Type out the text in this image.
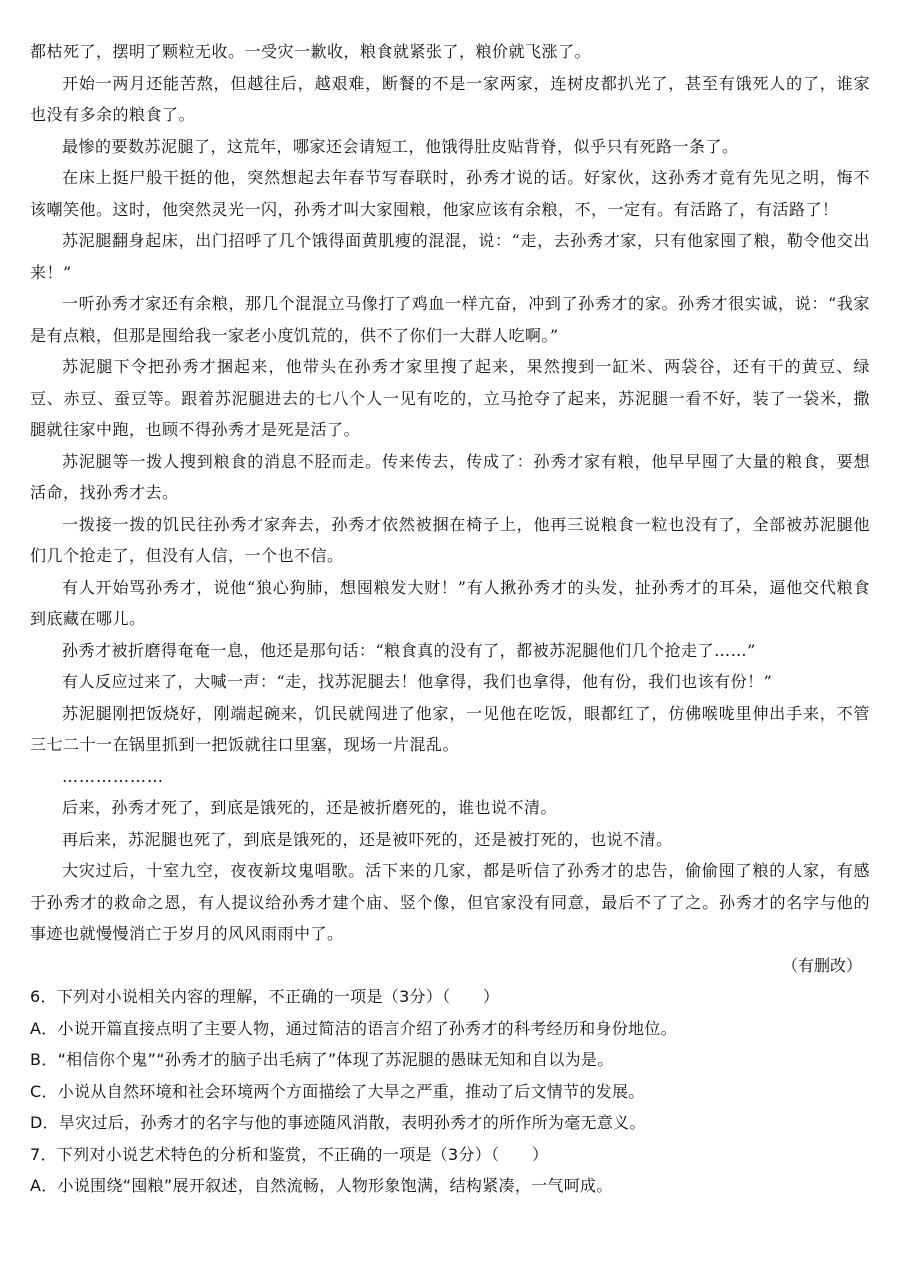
都枯死了，摆明了颗粒无收。一受灾一歉收，粮食就紧张了，粮价就飞涨了。

开始一两月还能苦熬，但越往后，越艰难，断餐的不是一家两家，连树皮都扒光了，甚至有饿死人的了，谁家也没有多余的粮食了。

最惨的要数苏泥腿了，这荒年，哪家还会请短工，他饿得肚皮贴背脊，似乎只有死路一条了。

在床上挺尸般干挺的他，突然想起去年春节写春联时，孙秀才说的话。好家伙，这孙秀才竟有先见之明，悔不该嘲笑他。这时，他突然灵光一闪，孙秀才叫大家囤粮，他家应该有余粮，不，一定有。有活路了，有活路了！

苏泥腿翻身起床，出门招呼了几个饿得面黄肌瘦的混混，说：“走，去孙秀才家，只有他家囤了粮，勒令他交出来！”

一听孙秀才家还有余粮，那几个混混立马像打了鸡血一样亢奋，冲到了孙秀才的家。孙秀才很实诚，说：“我家是有点粮，但那是囤给我一家老小度饥荒的，供不了你们一大群人吃啊。”

苏泥腿下令把孙秀才捆起来，他带头在孙秀才家里搜了起来，果然搜到一缸米、两袋谷，还有干的黄豆、绿豆、赤豆、蚕豆等。跟着苏泥腿进去的七八个人一见有吃的，立马抢夺了起来，苏泥腿一看不好，装了一袋米，撒腿就往家中跑，也顾不得孙秀才是死是活了。

苏泥腿等一拨人搜到粮食的消息不胫而走。传来传去，传成了：孙秀才家有粮，他早早囤了大量的粮食，要想活命，找孙秀才去。

一拨接一拨的饥民往孙秀才家奔去，孙秀才依然被捆在椅子上，他再三说粮食一粒也没有了，全部被苏泥腿他们几个抢走了，但没有人信，一个也不信。

有人开始骂孙秀才，说他“狼心狗肺，想囤粮发大财！”有人揪孙秀才的头发，扯孙秀才的耳朵，逼他交代粮食到底藏在哪儿。

孙秀才被折磨得奄奄一息，他还是那句话：“粮食真的没有了，都被苏泥腿他们几个抢走了……”

有人反应过来了，大喊一声：“走，找苏泥腿去！他拿得，我们也拿得，他有份，我们也该有份！”

苏泥腿刚把饭烧好，刚端起碗来，饥民就闯进了他家，一见他在吃饭，眼都红了，仿佛喉咙里伸出手来，不管三七二十一在锅里抓到一把饭就往口里塞，现场一片混乱。

………………

后来，孙秀才死了，到底是饿死的，还是被折磨死的，谁也说不清。

再后来，苏泥腿也死了，到底是饿死的，还是被吓死的，还是被打死的，也说不清。

大灾过后，十室九空，夜夜新坟鬼唱歌。活下来的几家，都是听信了孙秀才的忠告，偷偷囤了粮的人家，有感于孙秀才的救命之恩，有人提议给孙秀才建个庙、竖个像，但官家没有同意，最后不了了之。孙秀才的名字与他的事迹也就慢慢消亡于岁月的风风雨雨中了。

（有删改）

6．下列对小说相关内容的理解，不正确的一项是（3分）（　　）

A．小说开篇直接点明了主要人物，通过简洁的语言介绍了孙秀才的科考经历和身份地位。

B．“相信你个鬼”“孙秀才的脑子出毛病了”体现了苏泥腿的愚昧无知和自以为是。

C．小说从自然环境和社会环境两个方面描绘了大旱之严重，推动了后文情节的发展。

D．旱灾过后，孙秀才的名字与他的事迹随风消散，表明孙秀才的所作所为毫无意义。

7．下列对小说艺术特色的分析和鉴赏，不正确的一项是（3分）（　　）

A．小说围绕“囤粮”展开叙述，自然流畅，人物形象饱满，结构紧凑，一气呵成。
